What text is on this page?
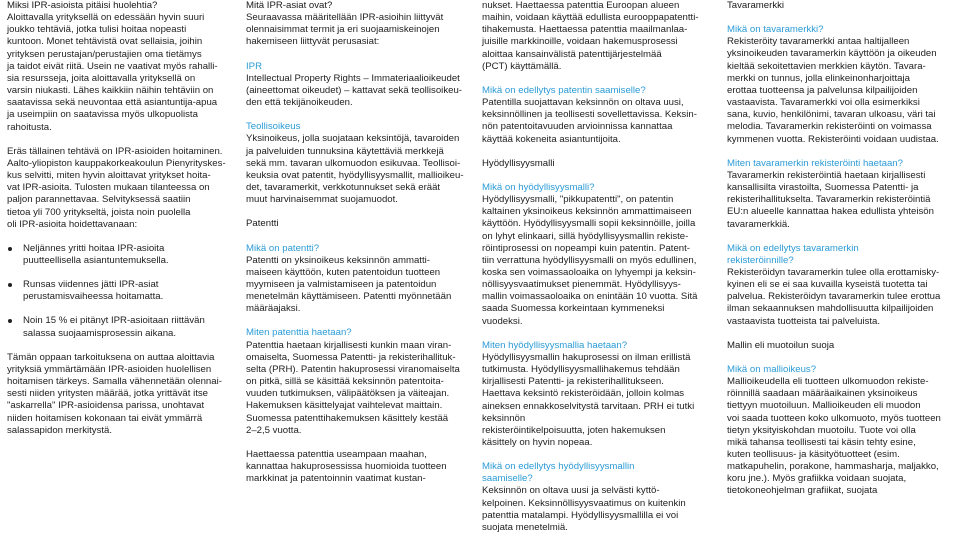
Miksi IPR-asioista pitäisi huolehtia?

Aloittavalla yrityksellä on edessään hyvin suuri
joukko tehtäviä, jotka tulisi hoitaa nopeasti
kuntoon. Monet tehtävistä ovat sellaisia, joihin
yrityksen perustajan/perustajien oma tietämys
ja taidot eivät riitä. Usein ne vaativat myös rahalli-
sia resursseja, joita aloittavalla yrityksellä on
varsin niukasti. Lähes kaikkiin näihin tehtäviin on
saatavissa sekä neuvontaa että asiantuntija-apua
ja useimpiin on saatavissa myös ulkopuolista
rahoitusta.

Eräs tällainen tehtävä on IPR-asioiden hoitaminen.
Aalto-yliopiston kauppakorkeakoulun Pienyrityskes-
kus selvitti, miten hyvin aloittavat yritykset hoita-
vat IPR-asioita. Tulosten mukaan tilanteessa on
paljon parannettavaa. Selvityksessä saatiin
tietoa yli 700 yritykseltä, joista noin puolella
oli IPR-asioita hoidettavanaan:

Neljännes yritti hoitaa IPR-asioita
puutteellisella asiantuntemuksella.
Runsas viidennes jätti IPR-asiat
perustamisvaiheessa hoitamatta.
Noin 15 % ei pitänyt IPR-asioitaan riittävän
salassa suojaamisprosessin aikana.

Tämän oppaan tarkoituksena on auttaa aloittavia
yrityksiä ymmärtämään IPR-asioiden huolellisen
hoitamisen tärkeys. Samalla vähennetään olennai-
sesti niiden yritysten määrää, jotka yrittävät itse
"askarrella" IPR-asioidensa parissa, unohtavat
niiden hoitamisen kokonaan tai eivät ymmärrä
salassapidon merkitystä.

Mitä IPR-asiat ovat?

Seuraavassa määritellään IPR-asioihin liittyvät
olennaisimmat termit ja eri suojaamiskeinojen
hakemiseen liittyvät perusasiat:

IPR

Intellectual Property Rights – Immateriaalioikeudet
(aineettomat oikeudet) – kattavat sekä teollisoikeu-
den että tekijänoikeuden.

Teollisoikeus

Yksinoikeus, jolla suojataan keksintöjä, tavaroiden
ja palveluiden tunnuksina käytettäviä merkkejä
sekä mm. tavaran ulkomuodon esikuvaa. Teollisoi-
keuksia ovat patentit, hyödyllisyysmallit, mallioikeu-
det, tavaramerkit, verkkotunnukset sekä eräät
muut harvinaisemmat suojamuodot.

Patentti

Mikä on patentti?

Patentti on yksinoikeus keksinnön ammatti-
maiseen käyttöön, kuten patentoidun tuotteen
myymiseen ja valmistamiseen ja patentoidun
menetelmän käyttämiseen. Patentti myönnetään
määräajaksi.

Miten patenttia haetaan?

Patenttia haetaan kirjallisesti kunkin maan viran-
omaiselta, Suomessa Patentti- ja rekisterihallituk-
selta (PRH). Patentin hakuprosessi viranomaiselta
on pitkä, sillä se käsittää keksinnön patentoita-
vuuden tutkimuksen, välipäätöksen ja väiteajan.
Hakemuksen käsittelyajat vaihtelevat maittain.
Suomessa patenttihakemuksen käsittely kestää
2–2,5 vuotta.

Haettaessa patenttia useampaan maahan,
kannattaa hakuprosessissa huomioida tuotteen
markkinat ja patentoinnin vaatimat kustan-

nukset. Haettaessa patenttia Euroopan alueen
maihin, voidaan käyttää edullista eurooppapatentti-
tihakemusta. Haettaessa patenttia maailmanlaa-
juisille markkinoille, voidaan hakemusprosessi
aloittaa kansainvälistä patenttijärjestelmää
(PCT) käyttämällä.

Mikä on edellytys patentin saamiselle?

Patentilla suojattavan keksinnön on oltava uusi,
keksinnöllinen ja teollisesti sovellettavissa. Keksin-
nön patentoitavuuden arvioinnissa kannattaa
käyttää kokeneita asiantuntijoita.

Hyödyllisyysmalli

Mikä on hyödyllisyysmalli?

Hyödyllisyysmalli, "pikkupatentti", on patentin
kaltainen yksinoikeus keksinnön ammattimaiseen
käyttöön. Hyödyllisyysmalli sopii keksinnöille, joilla
on lyhyt elinkaari, sillä hyödyllisyysmallin rekiste-
röintiprosessi on nopeampi kuin patentin. Patent-
tiin verrattuna hyödyllisyysmalli on myös edullinen,
koska sen voimassaoloaika on lyhyempi ja keksin-
nöllisyysvaatimukset pienemmät. Hyödyllisyys-
mallin voimassaoloaika on enintään 10 vuotta. Sitä
saada Suomessa korkeintaan kymmeneksi vuodeksi.

Miten hyödyllisyysmallia haetaan?

Hyödyllisyysmallin hakuprosessi on ilman erillistä
tutkimusta. Hyödyllisyysmallihakemus tehdään
kirjallisesti Patentti- ja rekisterihallitukseen.
Haettava keksintö rekisteröidään, jolloin kolmas
aineksen ennakkoselvitystä tarvitaan. PRH ei tutki keksinnön
rekisteröintikelpoisuutta, joten hakemuksen
käsittely on hyvin nopeaa.

Mikä on edellytys hyödyllisyysmallin
saamiselle?

Keksinnön on oltava uusi ja selvästi kyttö-
kelpoinen. Keksinnöllisyysvaatimus on kuitenkin
patenttia matalampi. Hyödyllisyysmallilla ei voi
suojata menetelmiä.

Tavaramerkki

Mikä on tavaramerkki?

Rekisteröity tavaramerkki antaa haltijalleen
yksinoikeuden tavaramerkin käyttöön ja oikeuden
kieltää sekoitettavien merkkien käytön. Tavara-
merkki on tunnus, jolla elinkeinonharjoittaja
erottaa tuotteensa ja palvelunsa kilpailijoiden
vastaavista. Tavaramerkki voi olla esimerkiksi
sana, kuvio, henkilönimi, tavaran ulkoasu, väri tai
melodia. Tavaramerkin rekisteröinti on voimassa
kymmenen vuotta. Rekisteröinti voidaan uudistaa.

Miten tavaramerkin rekisteröinti haetaan?

Tavaramerkin rekisteröintiä haetaan kirjallisesti
kansallisilta virastoilta, Suomessa Patentti- ja
rekisterihallitukselta. Tavaramerkin rekisteröintiä
EU:n alueelle kannattaa hakea edullista yhteisön
tavaramerkkiä.

Mikä on edellytys tavaramerkin
rekisteröinnille?

Rekisteröidyn tavaramerkin tulee olla erottamisky-
kyinen eli se ei saa kuvailla kyseistä tuotetta tai
palvelua. Rekisteröidyn tavaramerkin tulee erottua
ilman sekaannuksen mahdollisuutta kilpailijoiden
vastaavista tuotteista tai palveluista.

Mallin eli muotoilun suoja

Mikä on mallioikeus?

Mallioikeudella eli tuotteen ulkomuodon rekiste-
röinnillä saadaan määräaikainen yksinoikeus
tiettyyn muotoiluun. Mallioikeuden eli muodon
voi saada tuotteen koko ulkomuoto, myös tuotteen
tietyn yksityiskohdan muotoilu. Tuote voi olla
mikä tahansa teollisesti tai käsin tehty esine,
kuten teollisuus- ja käsityötuotteet (esim.
matkapuhelin, porakone, hammasharja, maljakko,
koru jne.). Myös grafiikka voidaan suojata,
tietokoneohjelman grafiikat, suojata
